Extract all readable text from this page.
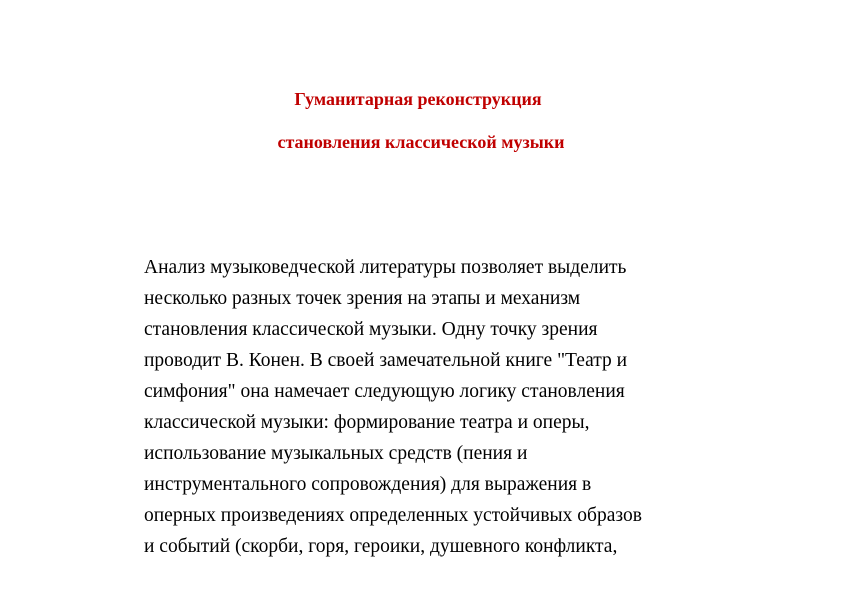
Гуманитарная реконструкция
становления классической музыки
Анализ музыковедческой литературы позволяет выделить
несколько разных точек зрения на этапы и механизм
становления классической музыки. Одну точку зрения
проводит В. Конен. В своей замечательной книге "Театр и
симфония" она намечает следующую логику становления
классической музыки: формирование театра и оперы,
использование музыкальных средств (пения и
инструментального сопровождения) для выражения в
оперных произведениях определенных устойчивых образов
и событий (скорби, горя, героики, душевного конфликта,
